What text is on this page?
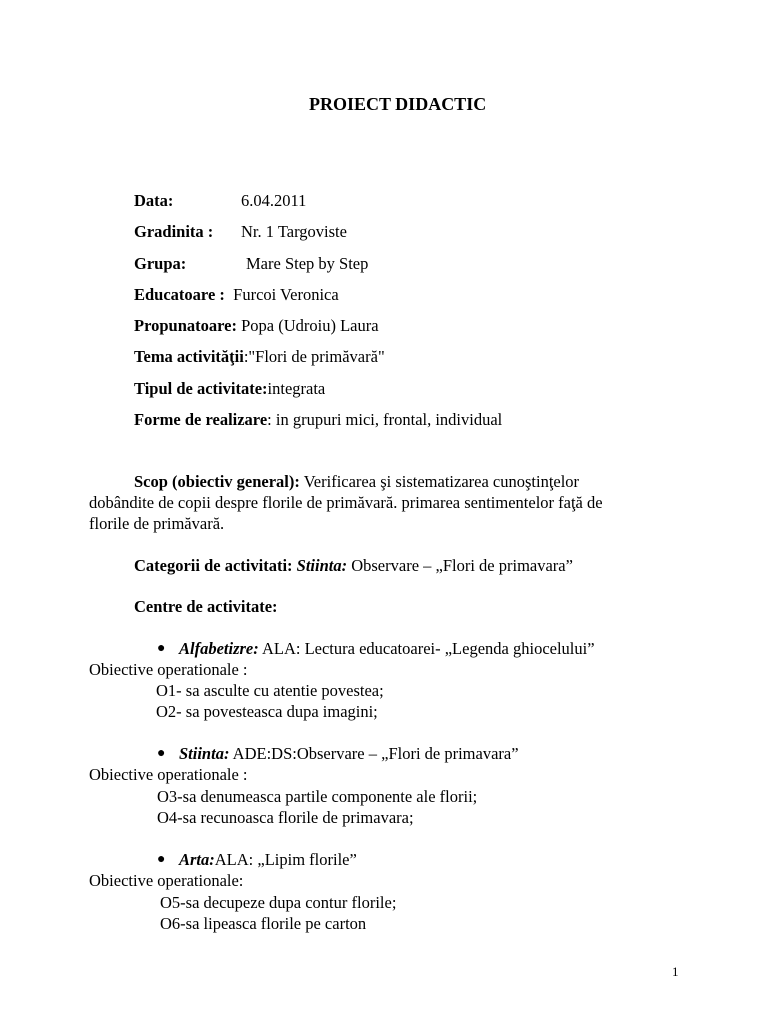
PROIECT DIDACTIC
Data:	6.04.2011
Gradinita : Nr. 1 Targoviste
Grupa:	Mare Step by Step
Educatoare : Furcoi Veronica
Propunatoare: Popa (Udroiu) Laura
Tema activităţii:"Flori de primăvară"
Tipul de activitate:integrata
Forme de realizare: in grupuri mici, frontal, individual
Scop (obiectiv general): Verificarea şi sistematizarea cunoştinţelor
dobândite de copii despre florile de primăvară. primarea sentimentelor faţă de
florile de primăvară.
Categorii de activitati: Stiinta: Observare – „Flori de primavara”
Centre de activitate:
● Alfabetizre: ALA: Lectura educatoarei- „Legenda ghiocelului”
Obiective operationale :
O1- sa asculte cu atentie povestea;
O2- sa povesteasca dupa imagini;
● Stiinta: ADE:DS:Observare – „Flori de primavara”
Obiective operationale :
O3-sa denumeasca partile componente ale florii;
O4-sa recunoasca florile de primavara;
● Arta:ALA: „Lipim florile”
Obiective operationale:
O5-sa decupeze dupa contur florile;
O6-sa lipeasca florile pe carton
1
